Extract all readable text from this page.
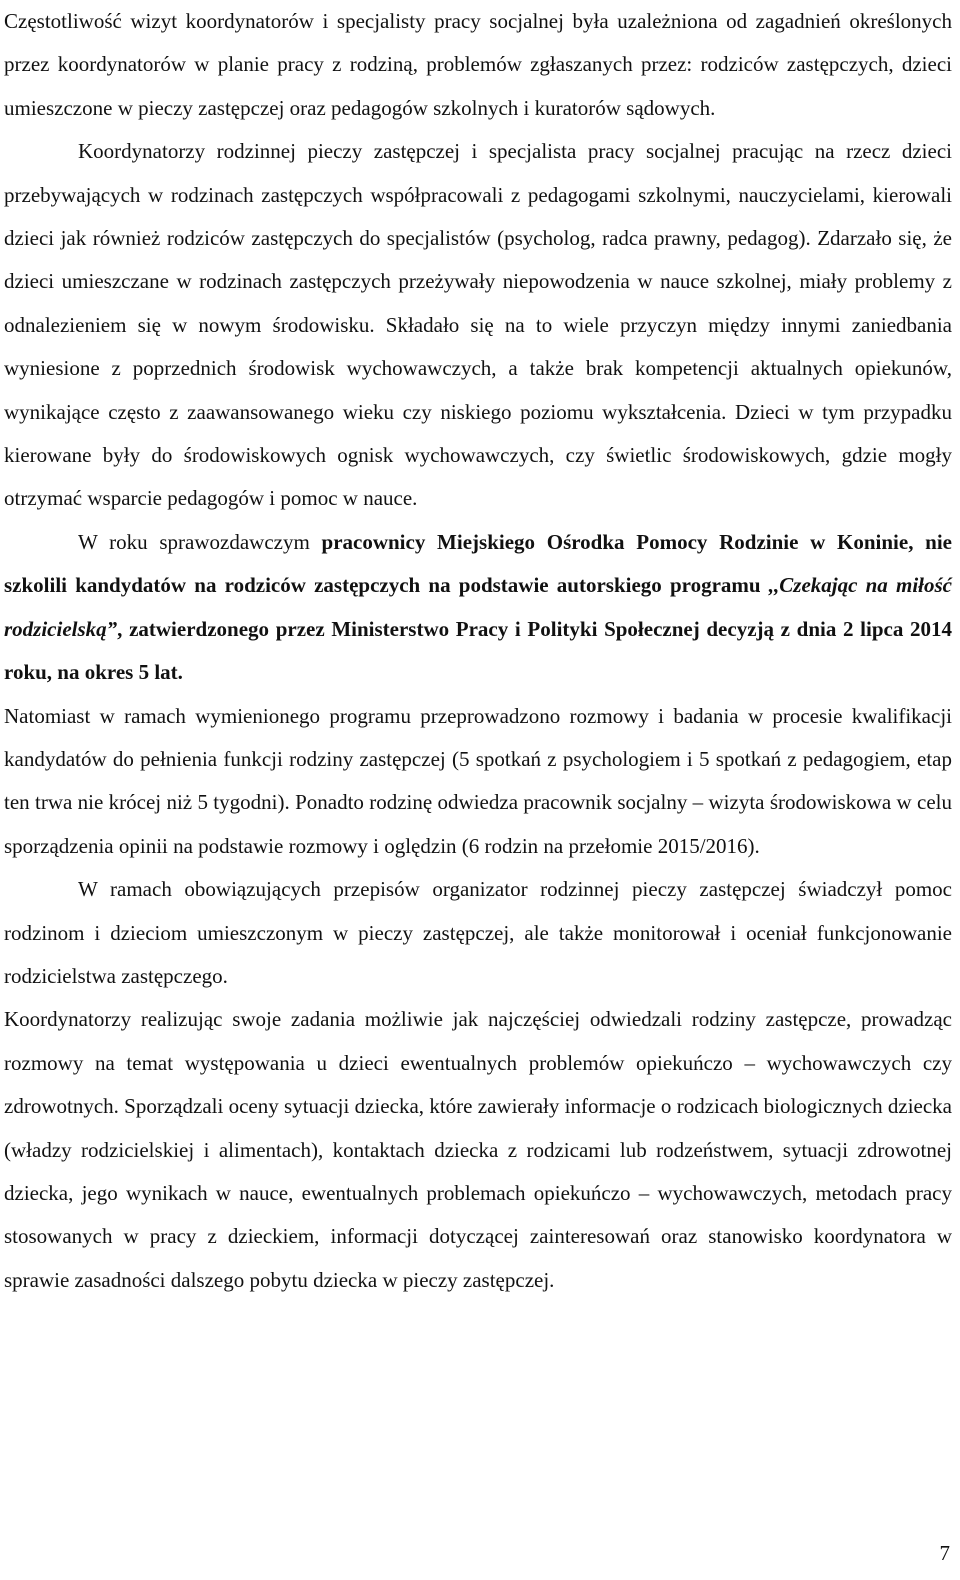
Częstotliwość wizyt koordynatorów i specjalisty pracy socjalnej była uzależniona od zagadnień określonych przez koordynatorów w planie pracy z rodziną, problemów zgłaszanych przez: rodziców zastępczych, dzieci umieszczone w pieczy zastępczej oraz pedagogów szkolnych i kuratorów sądowych.

Koordynatorzy rodzinnej pieczy zastępczej i specjalista pracy socjalnej pracując na rzecz dzieci przebywających w rodzinach zastępczych współpracowali z pedagogami szkolnymi, nauczycielami, kierowali dzieci jak również rodziców zastępczych do specjalistów (psycholog, radca prawny, pedagog). Zdarzało się, że dzieci umieszczane w rodzinach zastępczych przeżywały niepowodzenia w nauce szkolnej, miały problemy z odnalezieniem się w nowym środowisku. Składało się na to wiele przyczyn między innymi zaniedbania wyniesione z poprzednich środowisk wychowawczych, a także brak kompetencji aktualnych opiekunów, wynikające często z zaawansowanego wieku czy niskiego poziomu wykształcenia. Dzieci w tym przypadku kierowane były do środowiskowych ognisk wychowawczych, czy świetlic środowiskowych, gdzie mogły otrzymać wsparcie pedagogów i pomoc w nauce.

W roku sprawozdawczym pracownicy Miejskiego Ośrodka Pomocy Rodzinie w Koninie, nie szkolili kandydatów na rodziców zastępczych na podstawie autorskiego programu ,,Czekając na miłość rodzicielską”, zatwierdzonego przez Ministerstwo Pracy i Polityki Społecznej decyzją z dnia 2 lipca 2014 roku, na okres 5 lat.

Natomiast w ramach wymienionego programu przeprowadzono rozmowy i badania w procesie kwalifikacji kandydatów do pełnienia funkcji rodziny zastępczej (5 spotkań z psychologiem i 5 spotkań z pedagogiem, etap ten trwa nie krócej niż 5 tygodni). Ponadto rodzinę odwiedza pracownik socjalny – wizyta środowiskowa w celu sporządzenia opinii na podstawie rozmowy i oględzin (6 rodzin na przełomie 2015/2016).

W ramach obowiązujących przepisów organizator rodzinnej pieczy zastępczej świadczył pomoc rodzinom i dzieciom umieszczonym w pieczy zastępczej, ale także monitorował i oceniał funkcjonowanie rodzicielstwa zastępczego.

Koordynatorzy realizując swoje zadania możliwie jak najczęściej odwiedzali rodziny zastępcze, prowadząc rozmowy na temat występowania u dzieci ewentualnych problemów opiekuńczo – wychowawczych czy zdrowotnych. Sporządzali oceny sytuacji dziecka, które zawierały informacje o rodzicach biologicznych dziecka (władzy rodzicielskiej i alimentach), kontaktach dziecka z rodzicami lub rodzeństwem, sytuacji zdrowotnej dziecka, jego wynikach w nauce, ewentualnych problemach opiekuńczo – wychowawczych, metodach pracy stosowanych w pracy z dzieckiem, informacji dotyczącej zainteresowań oraz stanowisko koordynatora w sprawie zasadności dalszego pobytu dziecka w pieczy zastępczej.

7
